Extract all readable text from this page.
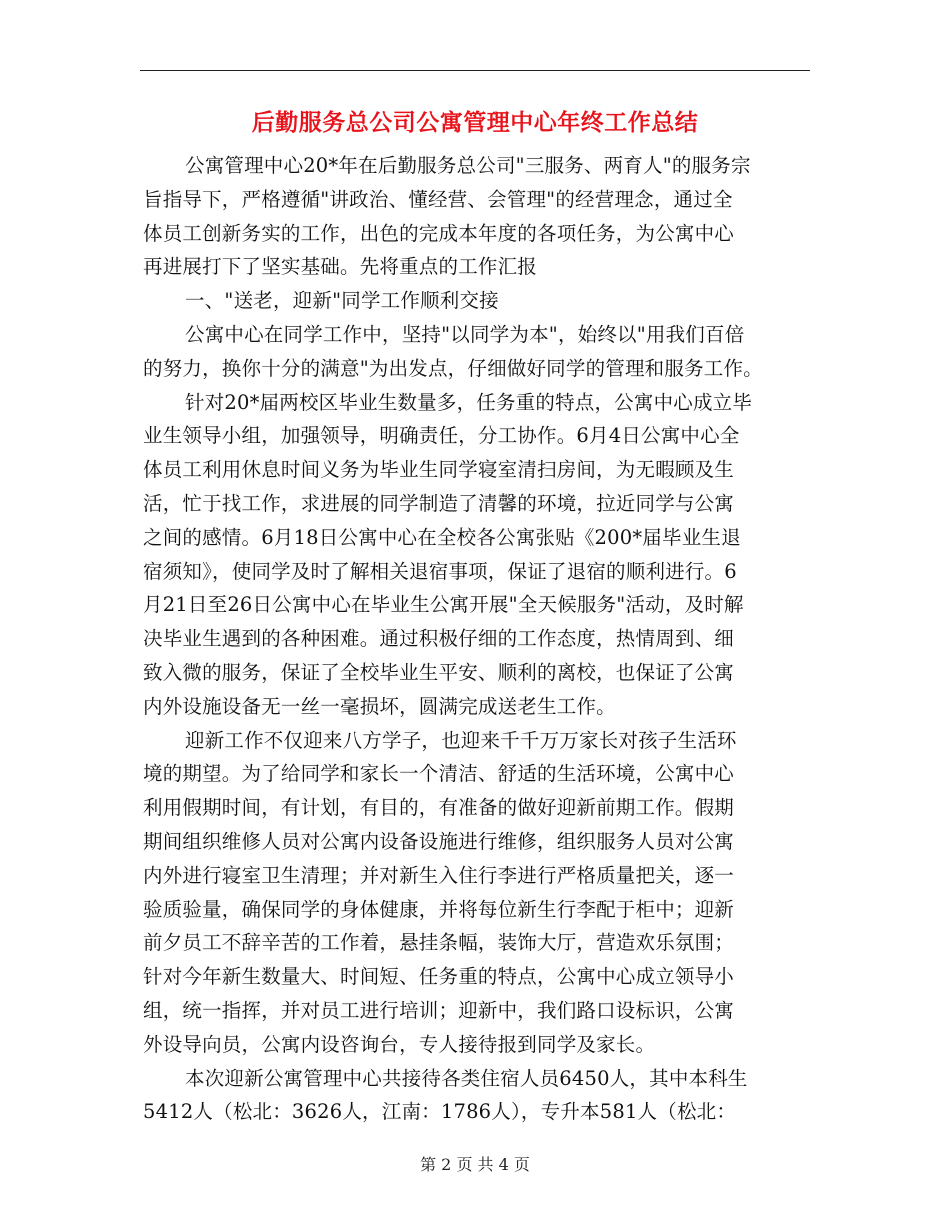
后勤服务总公司公寓管理中心年终工作总结
公寓管理中心20*年在后勤服务总公司"三服务、两育人"的服务宗
旨指导下，严格遵循"讲政治、懂经营、会管理"的经营理念，通过全
体员工创新务实的工作，出色的完成本年度的各项任务，为公寓中心
再进展打下了坚实基础。先将重点的工作汇报
一、"送老，迎新"同学工作顺利交接
公寓中心在同学工作中，坚持"以同学为本"，始终以"用我们百倍
的努力，换你十分的满意"为出发点，仔细做好同学的管理和服务工作。
针对20*届两校区毕业生数量多，任务重的特点，公寓中心成立毕
业生领导小组，加强领导，明确责任，分工协作。6月4日公寓中心全
体员工利用休息时间义务为毕业生同学寝室清扫房间，为无暇顾及生
活，忙于找工作，求进展的同学制造了清馨的环境，拉近同学与公寓
之间的感情。6月18日公寓中心在全校各公寓张贴《200*届毕业生退
宿须知》，使同学及时了解相关退宿事项，保证了退宿的顺利进行。6
月21日至26日公寓中心在毕业生公寓开展"全天候服务"活动，及时解
决毕业生遇到的各种困难。通过积极仔细的工作态度，热情周到、细
致入微的服务，保证了全校毕业生平安、顺利的离校，也保证了公寓
内外设施设备无一丝一毫损坏，圆满完成送老生工作。
迎新工作不仅迎来八方学子，也迎来千千万万家长对孩子生活环
境的期望。为了给同学和家长一个清洁、舒适的生活环境，公寓中心
利用假期时间，有计划，有目的，有准备的做好迎新前期工作。假期
期间组织维修人员对公寓内设备设施进行维修，组织服务人员对公寓
内外进行寝室卫生清理；并对新生入住行李进行严格质量把关，逐一
验质验量，确保同学的身体健康，并将每位新生行李配于柜中；迎新
前夕员工不辞辛苦的工作着，悬挂条幅，装饰大厅，营造欢乐氛围；
针对今年新生数量大、时间短、任务重的特点，公寓中心成立领导小
组，统一指挥，并对员工进行培训；迎新中，我们路口设标识，公寓
外设导向员，公寓内设咨询台，专人接待报到同学及家长。
本次迎新公寓管理中心共接待各类住宿人员6450人，其中本科生
5412人（松北：3626人，江南：1786人），专升本581人（松北：
第 2 页 共 4 页
